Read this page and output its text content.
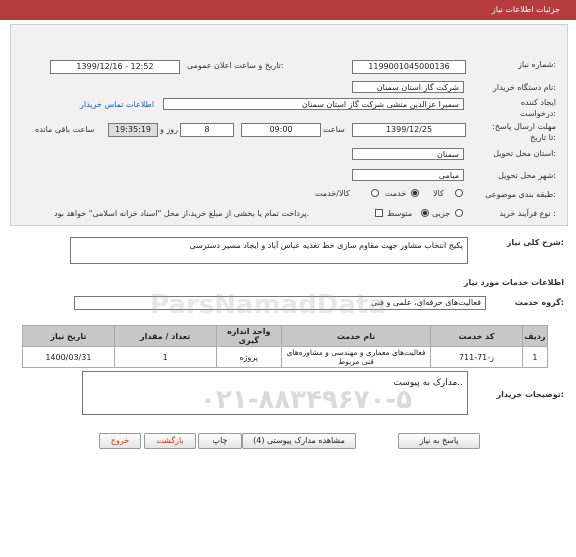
جزئیات اطلاعات نیاز
شماره نیاز:
1199001045000136
تاریخ و ساعت اعلان عمومی:
1399/12/16 - 12:52
نام دستگاه خریدار:
شرکت گاز استان سمنان
ایجاد کننده درخواست:
سمیرا عزالدین منشی شرکت گاز استان سمنان
اطلاعات تماس خریدار
مهلت ارسال پاسخ: تا تاریخ:
1399/12/25
ساعت
09:00
8
روز و
19:35:19
ساعت باقی مانده
استان محل تحویل:
سمنان
شهر محل تحویل:
میامی
طبقه بندی موضوعی:
کالا
خدمت
کالا/خدمت
نوع فرآیند خرید :
جزیی
متوسط
پرداخت تمام یا بخشی از مبلغ خرید،از محل "اسناد خزانه اسلامی" خواهد بود.
شرح کلی نیاز:
پکیج انتخاب مشاور جهت مقاوم سازی خط تغذیه عباس آباد و ایجاد مسیر دسترسی
اطلاعات خدمات مورد نیاز
گروه خدمت:
فعالیت‌های حرفه‌ای، علمی و فنی
ردیف	کد خدمت	نام خدمت	واحد اندازه گیری	تعداد / مقدار	تاریخ نیاز
1	ز-71-711	فعالیت‌های معماری و مهندسی و مشاوره‌های فنی مربوط	پروژه	1	1400/03/31
توضیحات خریدار:
مدارک به پیوست..
ParsNamadData
۰۲۱-۸۸۳۴۹۶۷۰-۵
پاسخ به نیاز
مشاهده مدارک پیوستی (4)
چاپ
بازگشت
خروج
